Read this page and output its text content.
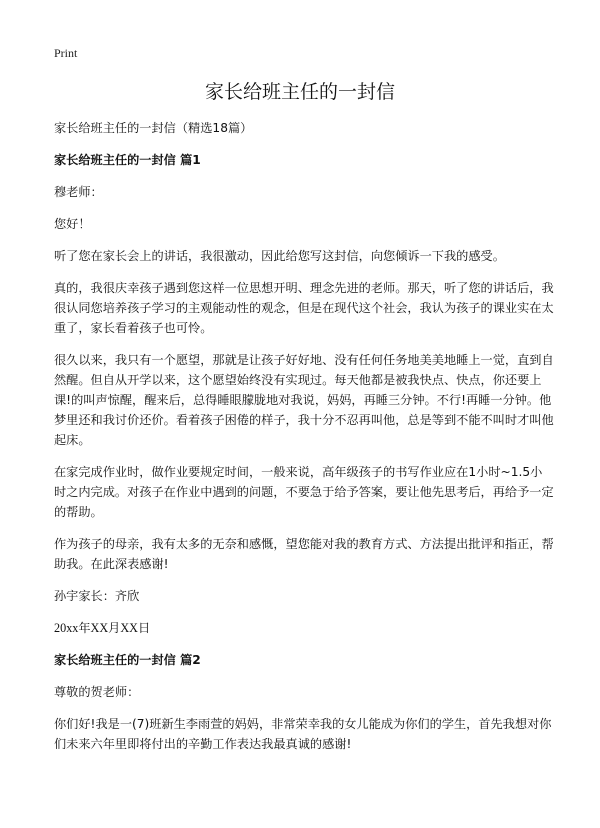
Print
家长给班主任的一封信

家长给班主任的一封信（精选18篇）

家长给班主任的一封信 篇1

穆老师：

您好！

听了您在家长会上的讲话，我很激动，因此给您写这封信，向您倾诉一下我的感受。

真的，我很庆幸孩子遇到您这样一位思想开明、理念先进的老师。那天，听了您的讲话后，我很认同您培养孩子学习的主观能动性的观念，但是在现代这个社会，我认为孩子的课业实在太重了，家长看着孩子也可怜。

很久以来，我只有一个愿望，那就是让孩子好好地、没有任何任务地美美地睡上一觉，直到自然醒。但自从开学以来，这个愿望始终没有实现过。每天他都是被我快点、快点，你还要上课!的叫声惊醒，醒来后，总得睡眼朦胧地对我说，妈妈，再睡三分钟。不行!再睡一分钟。他梦里还和我讨价还价。看着孩子困倦的样子，我十分不忍再叫他，总是等到不能不叫时才叫他起床。

在家完成作业时，做作业要规定时间，一般来说，高年级孩子的书写作业应在1小时~1.5小时之内完成。对孩子在作业中遇到的问题，不要急于给予答案，要让他先思考后，再给予一定的帮助。

作为孩子的母亲，我有太多的无奈和感慨，望您能对我的教育方式、方法提出批评和指正，帮助我。在此深表感谢!

孙宇家长：齐欣

20xx年XX月XX日

家长给班主任的一封信 篇2

尊敬的贺老师：

你们好!我是一(7)班新生李雨萱的妈妈，非常荣幸我的女儿能成为你们的学生，首先我想对你们未来六年里即将付出的辛勤工作表达我最真诚的感谢!
